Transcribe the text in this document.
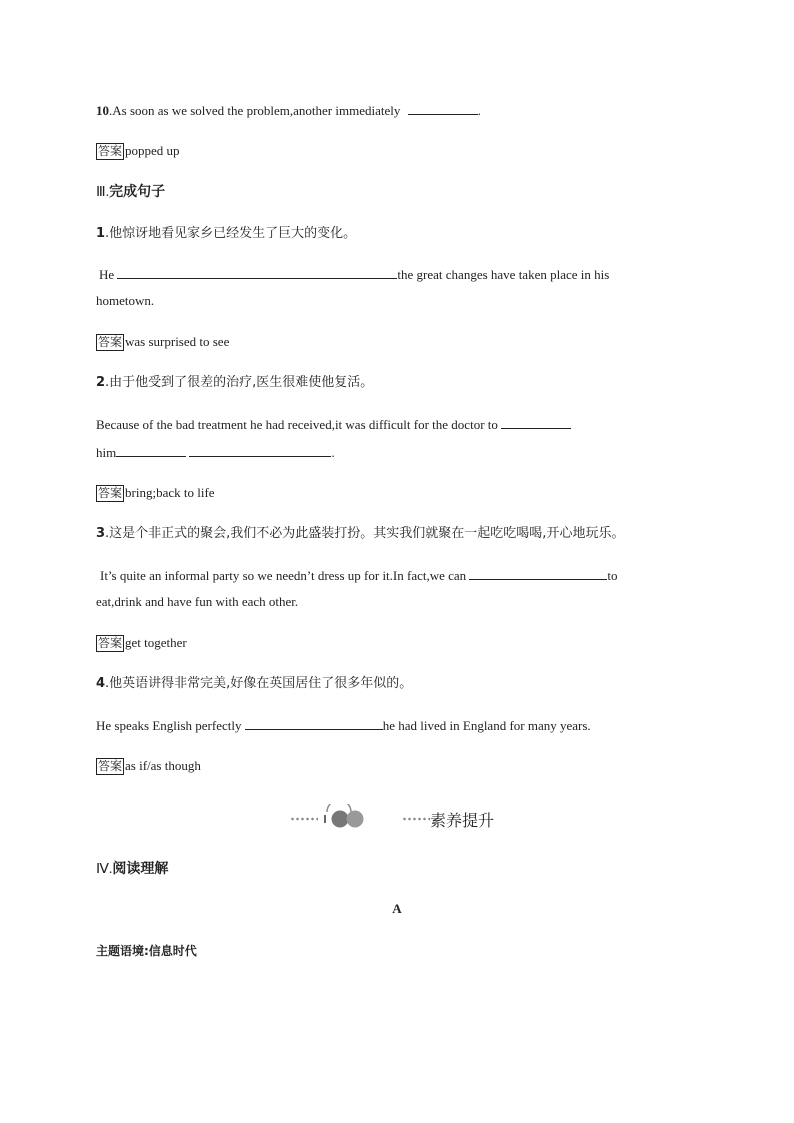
10.As soon as we solved the problem,another immediately	.
答案 popped up
Ⅲ.完成句子
1.他惊讶地看见家乡已经发生了巨大的变化。
He	the great changes have taken place in his
hometown.
答案 was surprised to see
2.由于他受到了很差的治疗,医生很难使他复活。
Because of the bad treatment he had received,it was difficult for the doctor to
him	.
答案 bring;back to life
3.这是个非正式的聚会,我们不必为此盛装打扮。其实我们就聚在一起吃吃喝喝,开心地玩乐。
It’s quite an informal party so we needn’t dress up for it.In fact,we can	to
eat,drink and have fun with each other.
答案 get together
4.他英语讲得非常完美,好像在英国居住了很多年似的。
He speaks English perfectly	he had lived in England for many years.
答案 as if/as though
素养提升
Ⅳ.阅读理解
A
主题语境:信息时代
